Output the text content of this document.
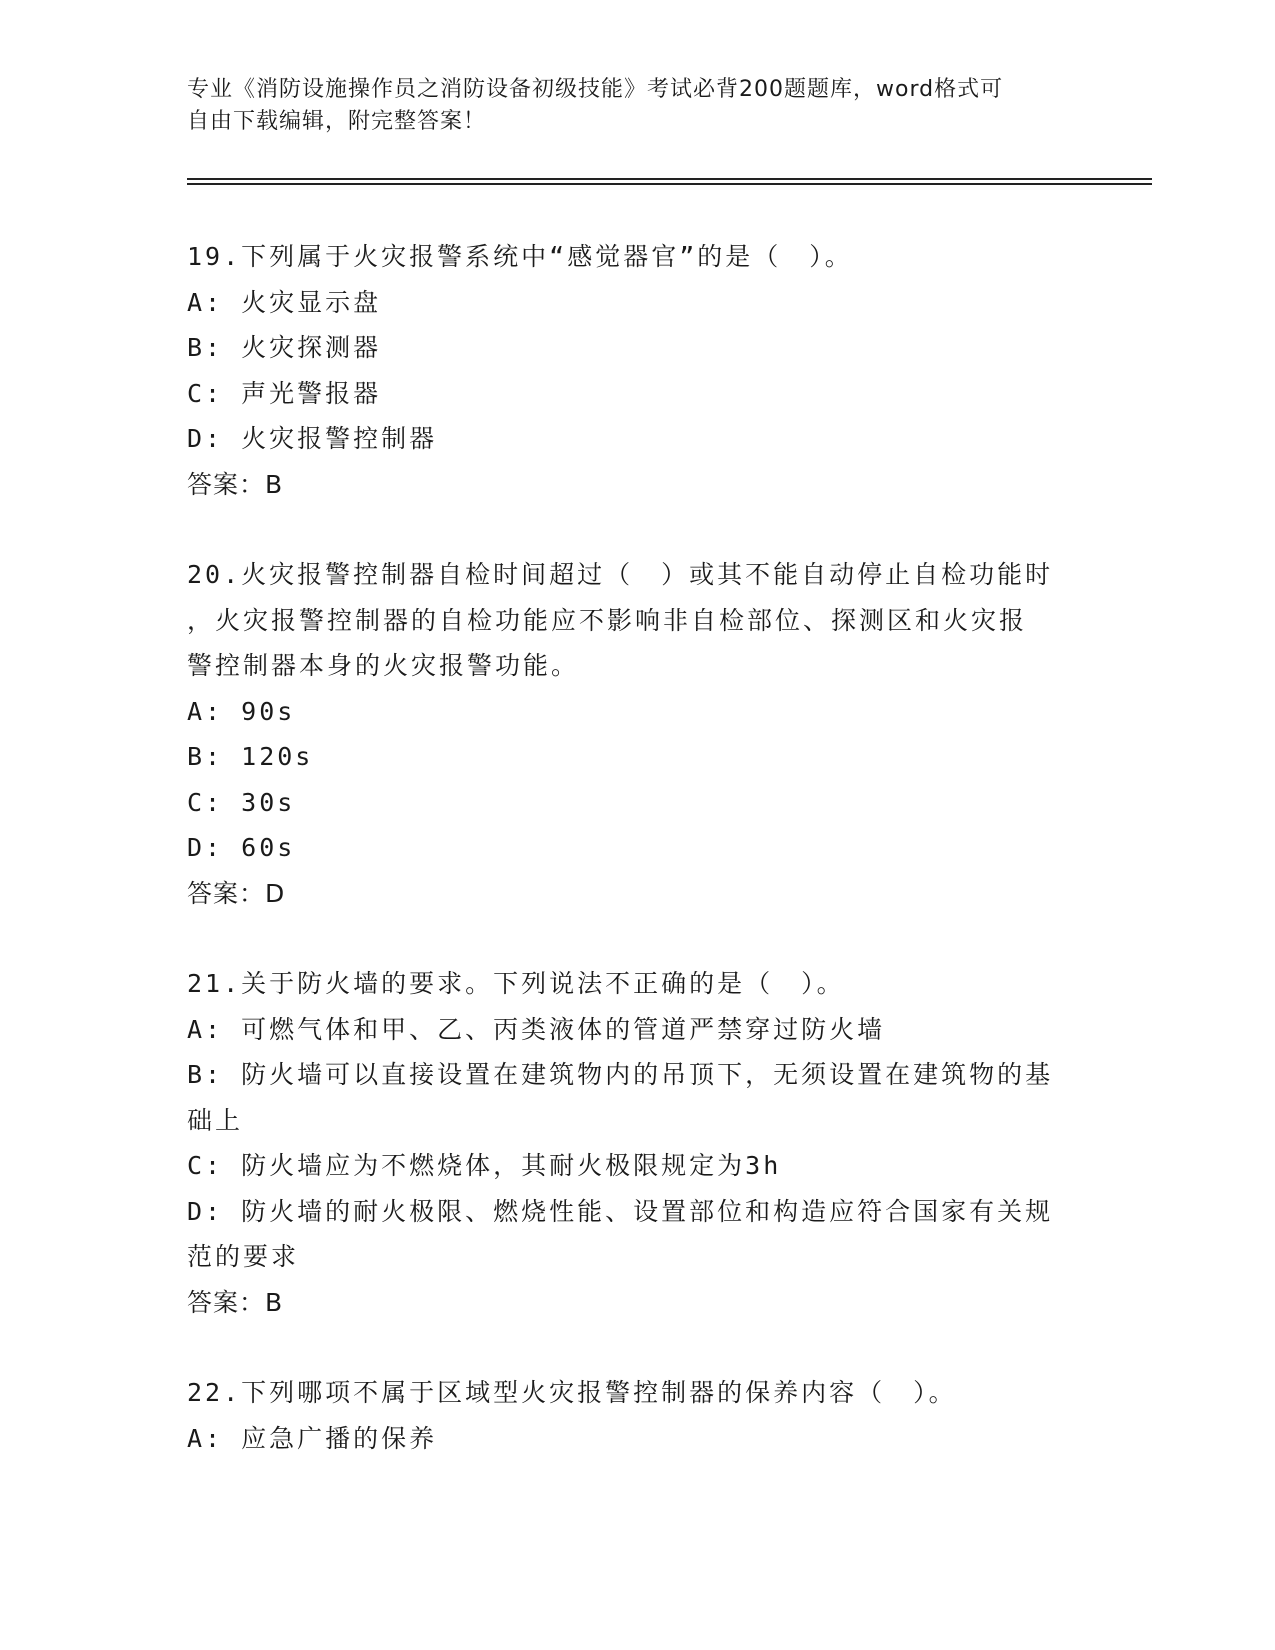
专业《消防设施操作员之消防设备初级技能》考试必背200题题库，word格式可
自由下载编辑，附完整答案！
19.下列属于火灾报警系统中“感觉器官”的是（　）。
A: 火灾显示盘
B: 火灾探测器
C: 声光警报器
D: 火灾报警控制器
答案：B
20.火灾报警控制器自检时间超过（　）或其不能自动停止自检功能时
，火灾报警控制器的自检功能应不影响非自检部位、探测区和火灾报
警控制器本身的火灾报警功能。
A: 90s
B: 120s
C: 30s
D: 60s
答案：D
21.关于防火墙的要求。下列说法不正确的是（　）。
A: 可燃气体和甲、乙、丙类液体的管道严禁穿过防火墙
B: 防火墙可以直接设置在建筑物内的吊顶下，无须设置在建筑物的基
础上
C: 防火墙应为不燃烧体，其耐火极限规定为3h
D: 防火墙的耐火极限、燃烧性能、设置部位和构造应符合国家有关规
范的要求
答案：B
22.下列哪项不属于区域型火灾报警控制器的保养内容（　）。
A: 应急广播的保养
